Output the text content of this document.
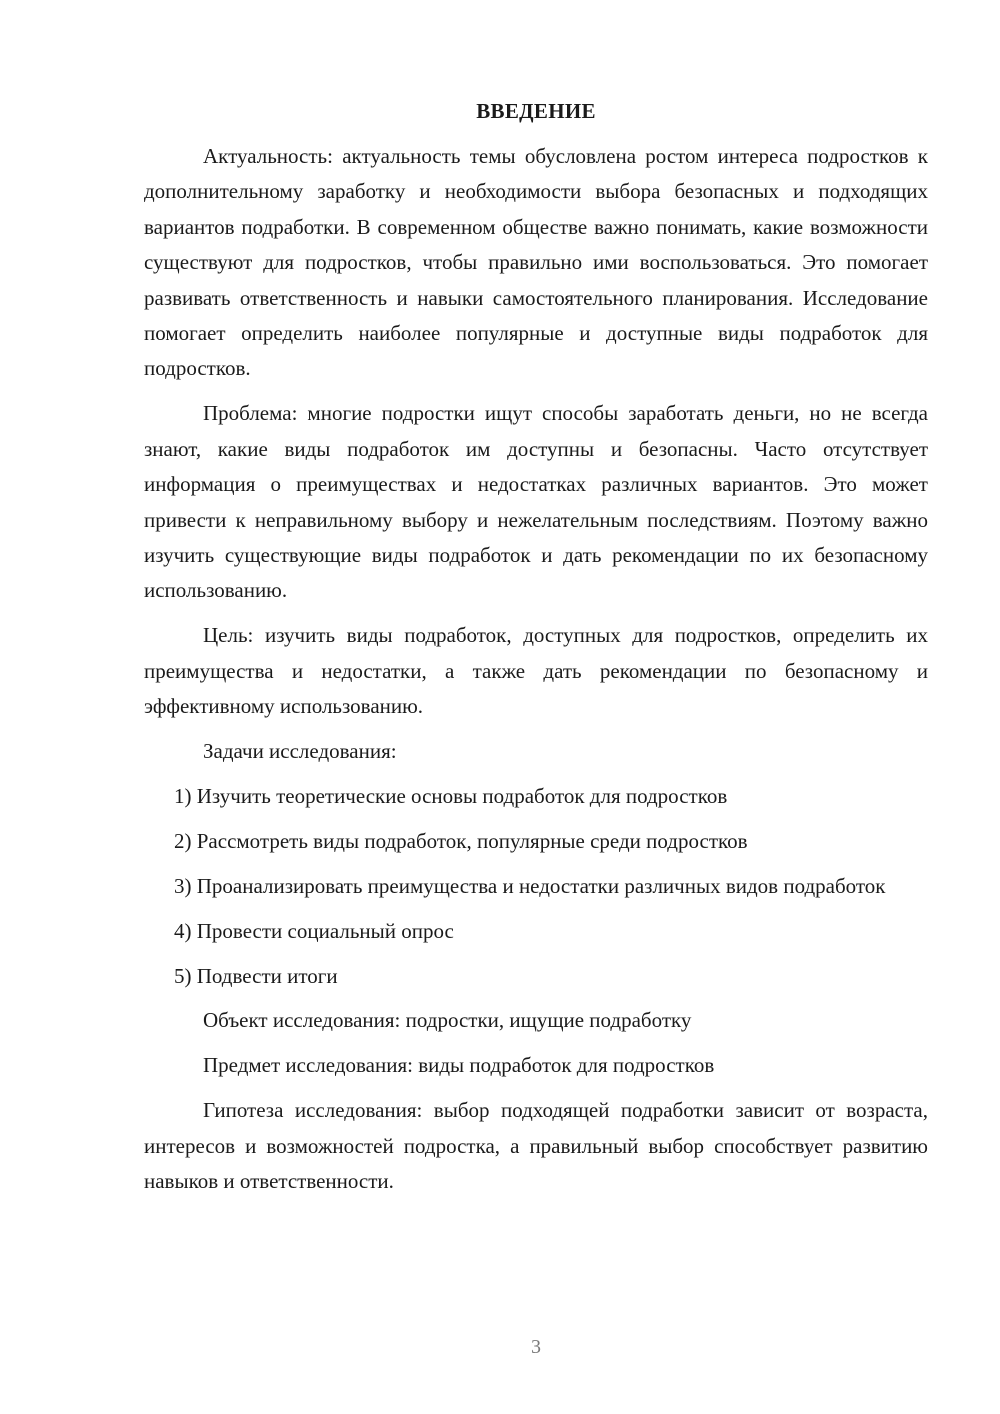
ВВЕДЕНИЕ

Актуальность: актуальность темы обусловлена ростом интереса подростков к дополнительному заработку и необходимости выбора безопасных и подходящих вариантов подработки. В современном обществе важно понимать, какие возможности существуют для подростков, чтобы правильно ими воспользоваться. Это помогает развивать ответственность и навыки самостоятельного планирования. Исследование помогает определить наиболее популярные и доступные виды подработок для подростков.

Проблема: многие подростки ищут способы заработать деньги, но не всегда знают, какие виды подработок им доступны и безопасны. Часто отсутствует информация о преимуществах и недостатках различных вариантов. Это может привести к неправильному выбору и нежелательным последствиям. Поэтому важно изучить существующие виды подработок и дать рекомендации по их безопасному использованию.

Цель: изучить виды подработок, доступных для подростков, определить их преимущества и недостатки, а также дать рекомендации по безопасному и эффективному использованию.

Задачи исследования:

1) Изучить теоретические основы подработок для подростков

2) Рассмотреть виды подработок, популярные среди подростков

3) Проанализировать преимущества и недостатки различных видов подработок

4) Провести социальный опрос

5) Подвести итоги

Объект исследования: подростки, ищущие подработку

Предмет исследования: виды подработок для подростков

Гипотеза исследования: выбор подходящей подработки зависит от возраста, интересов и возможностей подростка, а правильный выбор способствует развитию навыков и ответственности.

3
